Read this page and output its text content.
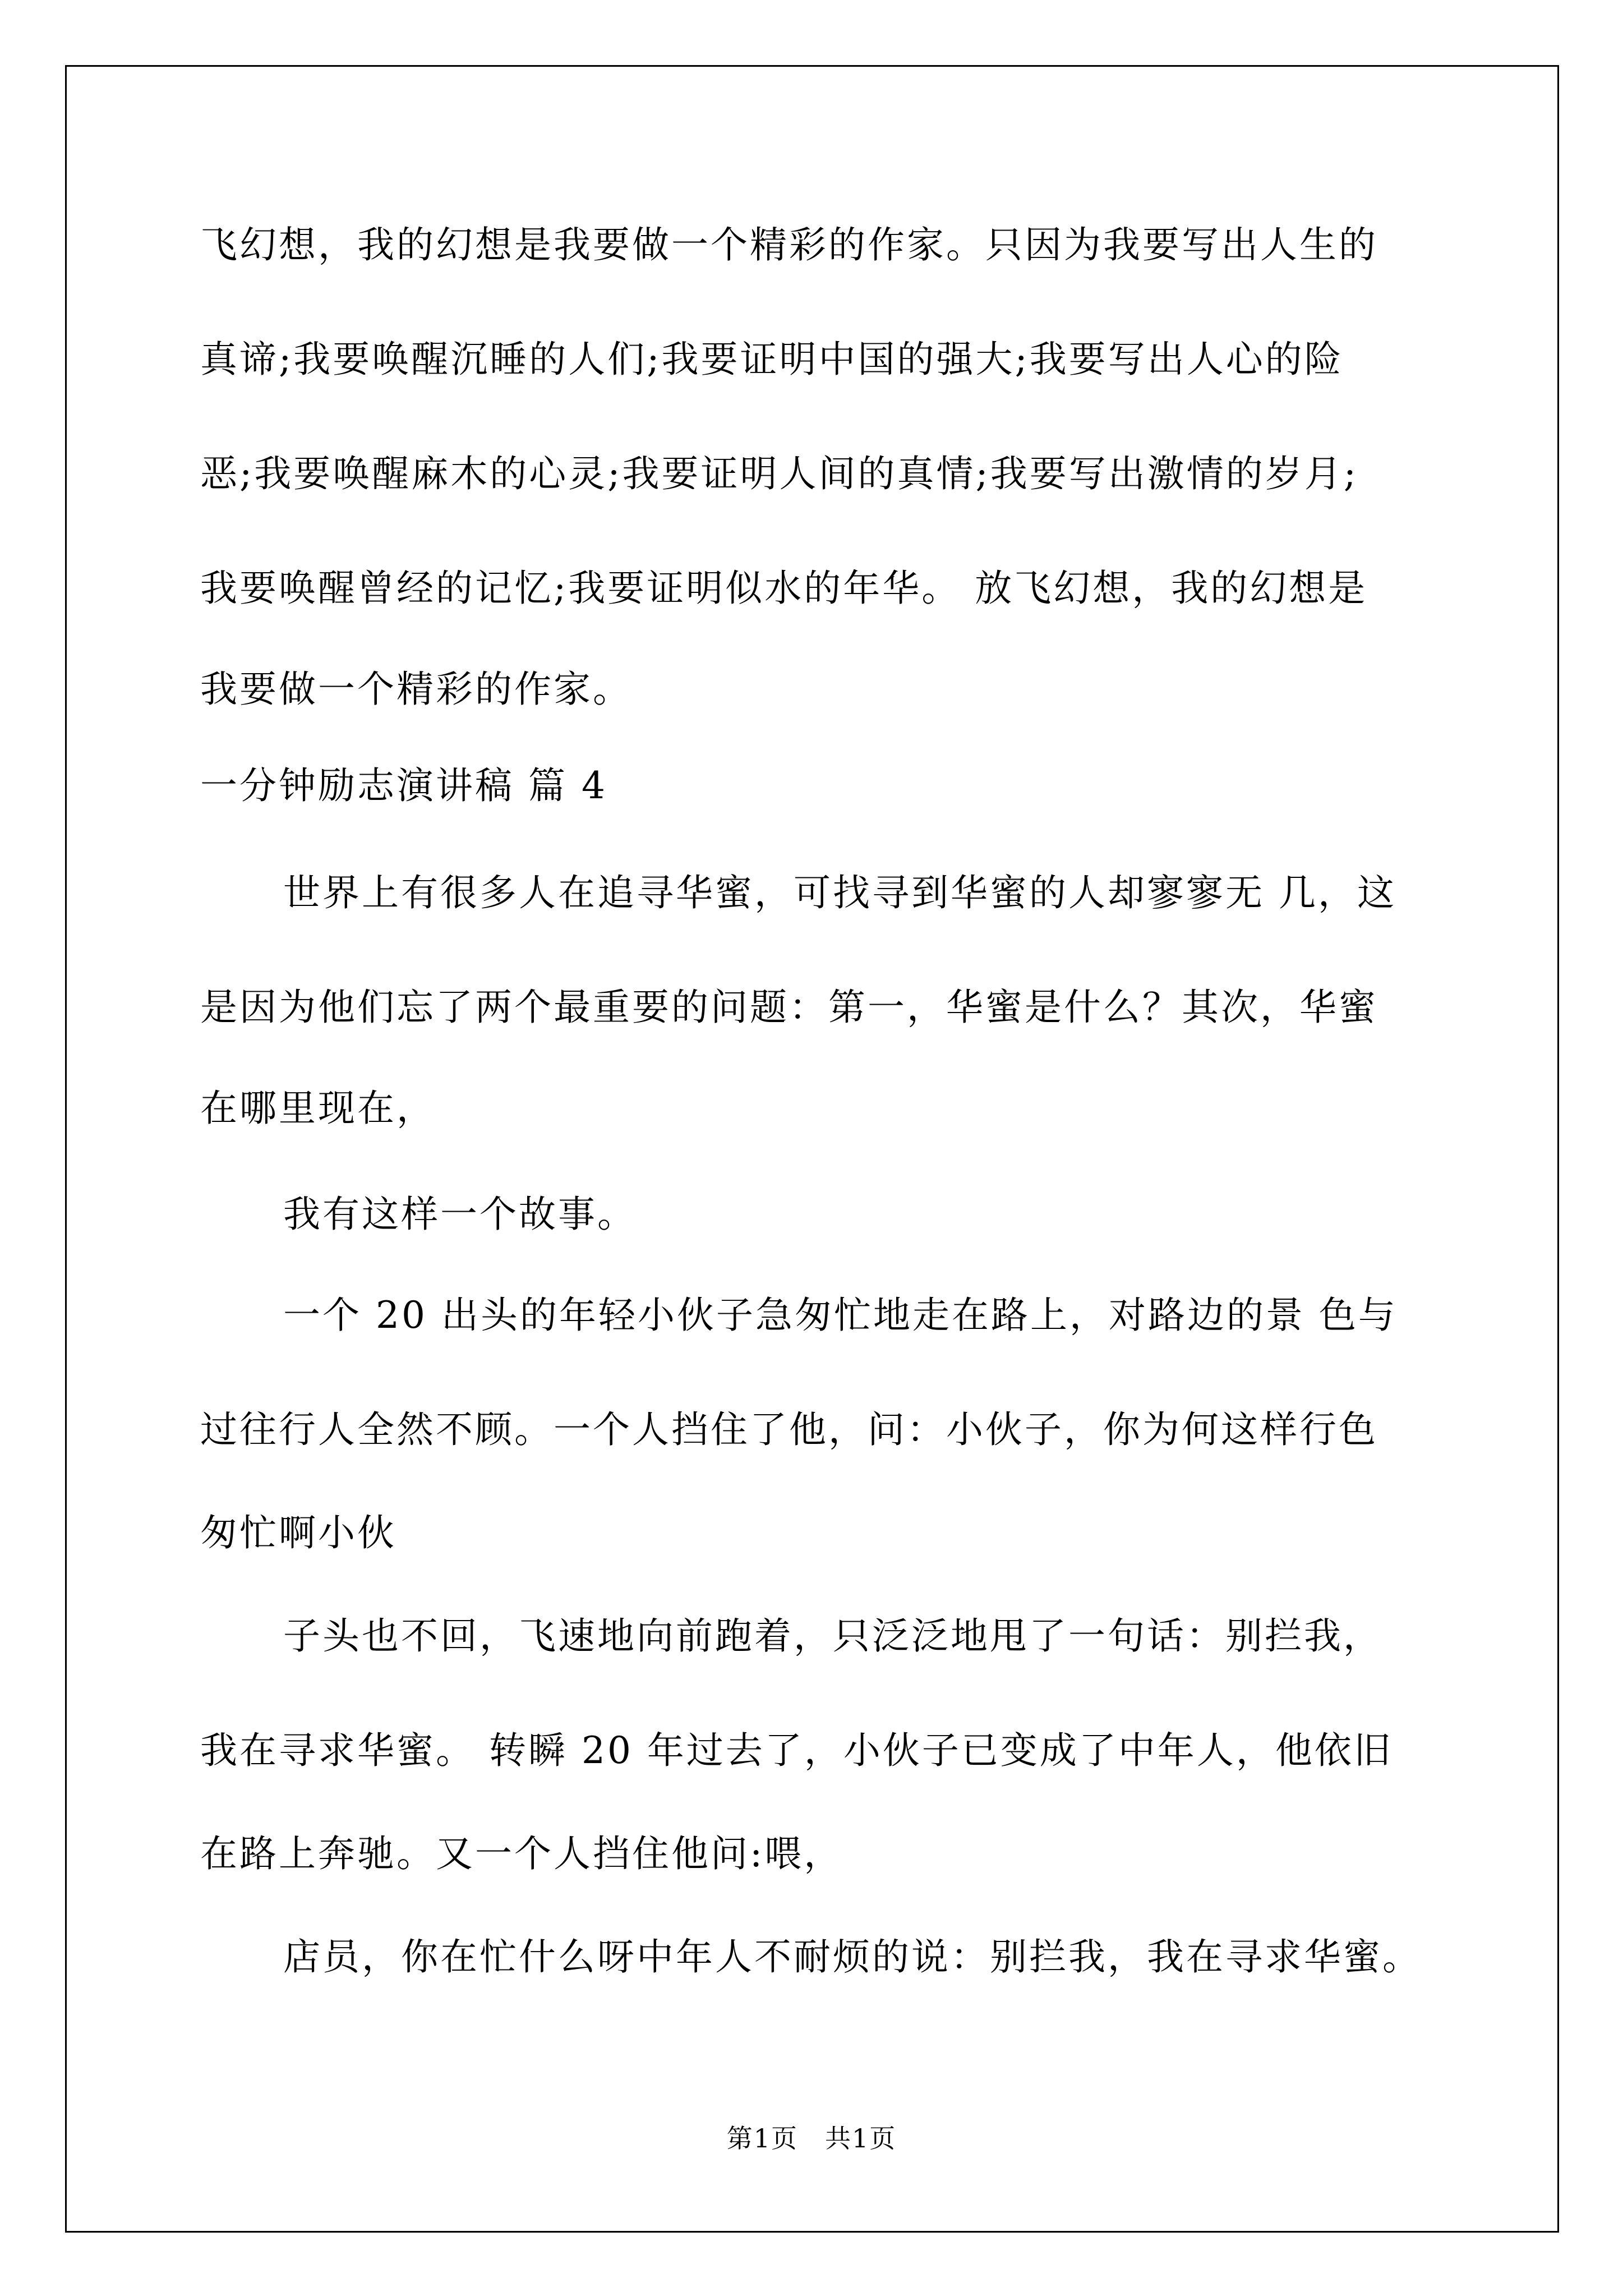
飞幻想，我的幻想是我要做一个精彩的作家。只因为我要写出人生的
真谛;我要唤醒沉睡的人们;我要证明中国的强大;我要写出人心的险
恶;我要唤醒麻木的心灵;我要证明人间的真情;我要写出激情的岁月;
我要唤醒曾经的记忆;我要证明似水的年华。 放飞幻想，我的幻想是
我要做一个精彩的作家。
一分钟励志演讲稿 篇 4
世界上有很多人在追寻华蜜，可找寻到华蜜的人却寥寥无 几，这
是因为他们忘了两个最重要的问题：第一，华蜜是什么？其次，华蜜
在哪里现在，
我有这样一个故事。
一个 20 出头的年轻小伙子急匆忙地走在路上，对路边的景 色与
过往行人全然不顾。一个人挡住了他，问：小伙子，你为何这样行色
匆忙啊小伙
子头也不回，飞速地向前跑着，只泛泛地甩了一句话：别拦我，
我在寻求华蜜。 转瞬 20 年过去了，小伙子已变成了中年人，他依旧
在路上奔驰。又一个人挡住他问:喂，
店员，你在忙什么呀中年人不耐烦的说：别拦我，我在寻求华蜜。
第1页　共1页
